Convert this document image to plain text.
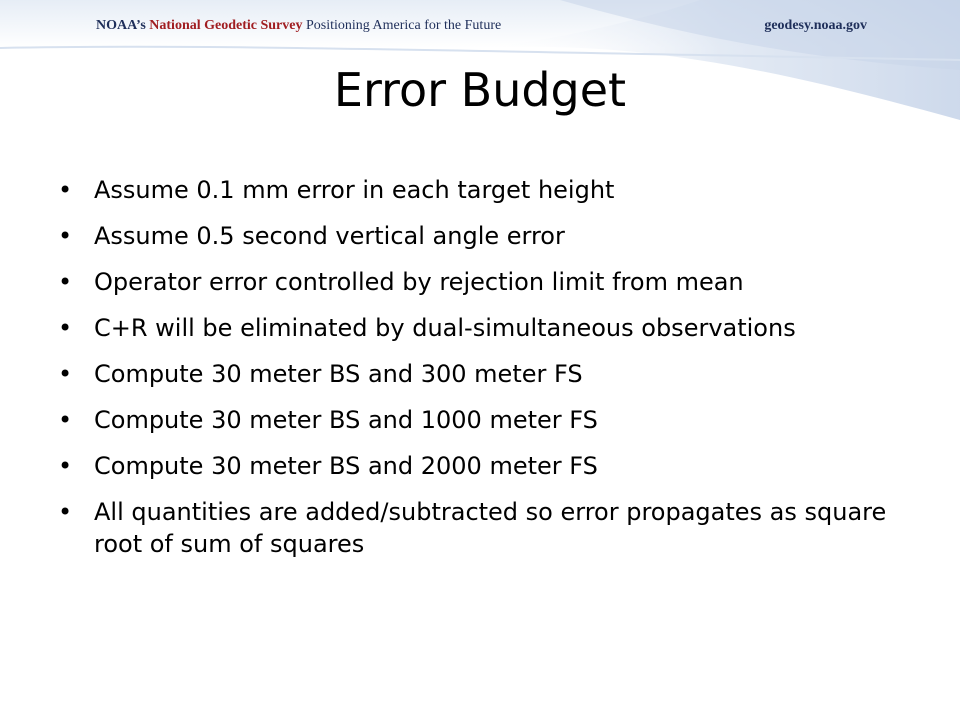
NOAA’s National Geodetic Survey Positioning America for the Future	geodesy.noaa.gov
Error Budget
• Assume 0.1 mm error in each target height
• Assume 0.5 second vertical angle error
• Operator error controlled by rejection limit from mean
• C+R will be eliminated by dual-simultaneous observations
• Compute 30 meter BS and 300 meter FS
• Compute 30 meter BS and 1000 meter FS
• Compute 30 meter BS and 2000 meter FS
• All quantities are added/subtracted so error propagates as square root of sum of squares
